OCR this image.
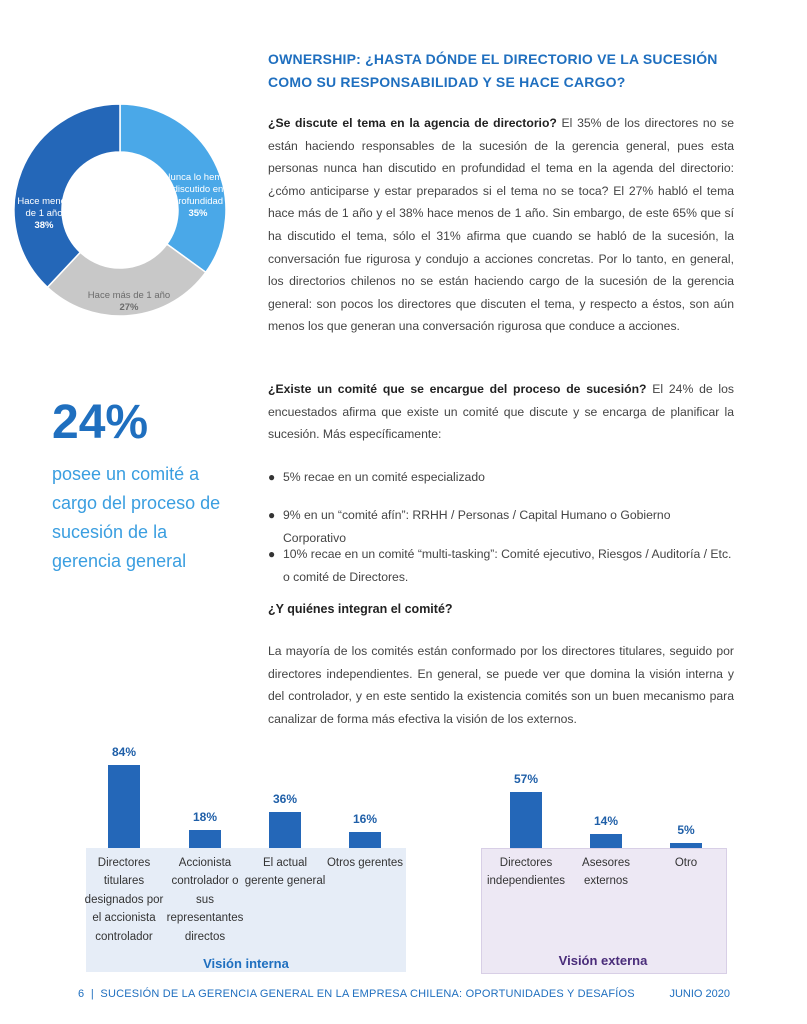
OWNERSHIP: ¿HASTA DÓNDE EL DIRECTORIO VE LA SUCESIÓN COMO SU RESPONSABILIDAD Y SE HACE CARGO?
¿Se discute el tema en la agencia de directorio? El 35% de los directores no se están haciendo responsables de la sucesión de la gerencia general, pues esta personas nunca han discutido en profundidad el tema en la agenda del directorio: ¿cómo anticiparse y estar preparados si el tema no se toca? El 27% habló el tema hace más de 1 año y el 38% hace menos de 1 año. Sin embargo, de este 65% que sí ha discutido el tema, sólo el 31% afirma que cuando se habló de la sucesión, la conversación fue rigurosa y condujo a acciones concretas. Por lo tanto, en general, los directorios chilenos no se están haciendo cargo de la sucesión de la gerencia general: son pocos los directores que discuten el tema, y respecto a éstos, son aún menos los que generan una conversación rigurosa que conduce a acciones.
¿Existe un comité que se encargue del proceso de sucesión? El 24% de los encuestados afirma que existe un comité que discute y se encarga de planificar la sucesión. Más específicamente:
● 5% recae en un comité especializado
● 9% en un “comité afín”: RRHH / Personas / Capital Humano o Gobierno Corporativo
● 10% recae en un comité “multi-tasking”: Comité ejecutivo, Riesgos / Auditoría / Etc. o comité de Directores.
¿Y quiénes integran el comité?
La mayoría de los comités están conformado por los directores titulares, seguido por directores independientes. En general, se puede ver que domina la visión interna y del controlador, y en este sentido la existencia comités son un buen mecanismo para canalizar de forma más efectiva la visión de los externos.
24%
posee un comité a cargo del proceso de sucesión de la gerencia general
Nunca lo hemos discutido en profundidad
35%
Hace más de 1 año
27%
Hace menos de 1 año
38%
84%
Directores titulares designados por el accionista controlador
18%
Accionista controlador o sus representantes directos
36%
El actual gerente general
16%
Otros gerentes
57%
Directores independientes
14%
Asesores externos
5%
Otro
Visión interna	Visión externa
6 | SUCESIÓN DE LA GERENCIA GENERAL EN LA EMPRESA CHILENA: OPORTUNIDADES Y DESAFÍOS	JUNIO 2020
